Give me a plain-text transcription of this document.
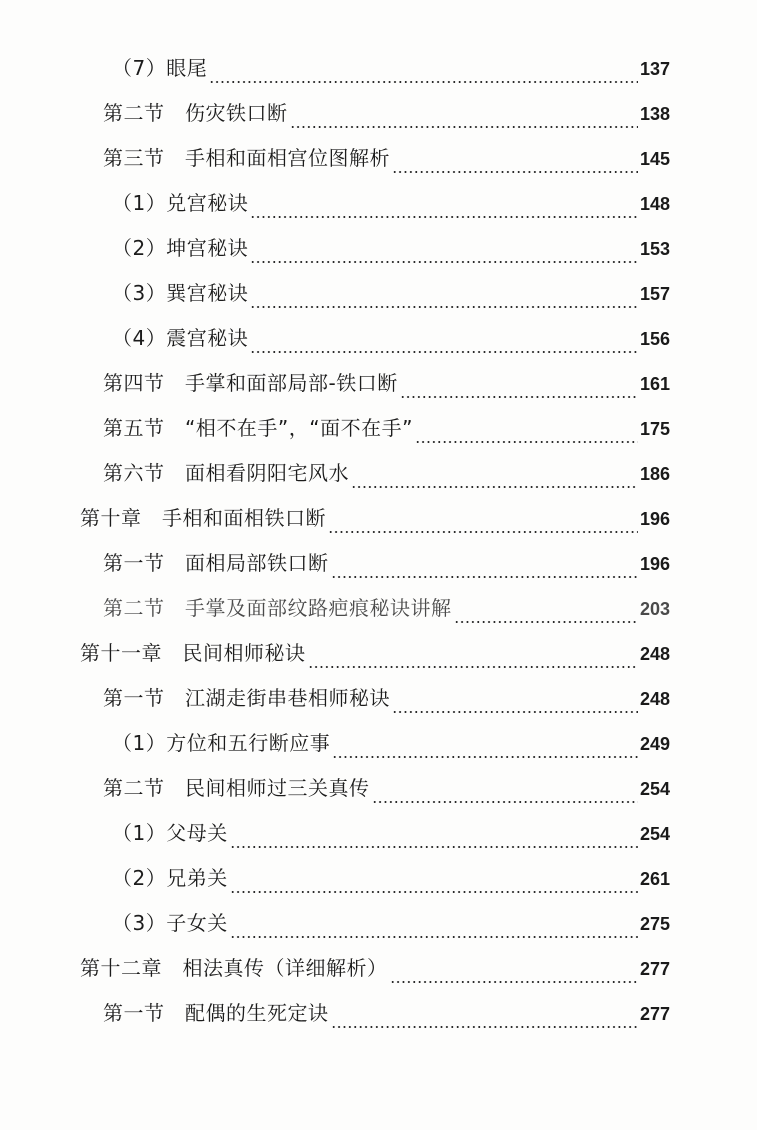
（7）眼尾	137
第二节　伤灾铁口断	138
第三节　手相和面相宫位图解析	145
（1）兑宫秘诀	148
（2）坤宫秘诀	153
（3）巽宫秘诀	157
（4）震宫秘诀	156
第四节　手掌和面部局部-铁口断	161
第五节　“相不在手”，“面不在手”	175
第六节　面相看阴阳宅风水	186
第十章　手相和面相铁口断	196
第一节　面相局部铁口断	196
第二节　手掌及面部纹路疤痕秘诀讲解	203
第十一章　民间相师秘诀	248
第一节　江湖走街串巷相师秘诀	248
（1）方位和五行断应事	249
第二节　民间相师过三关真传	254
（1）父母关	254
（2）兄弟关	261
（3）子女关	275
第十二章　相法真传（详细解析）	277
第一节　配偶的生死定诀	277
